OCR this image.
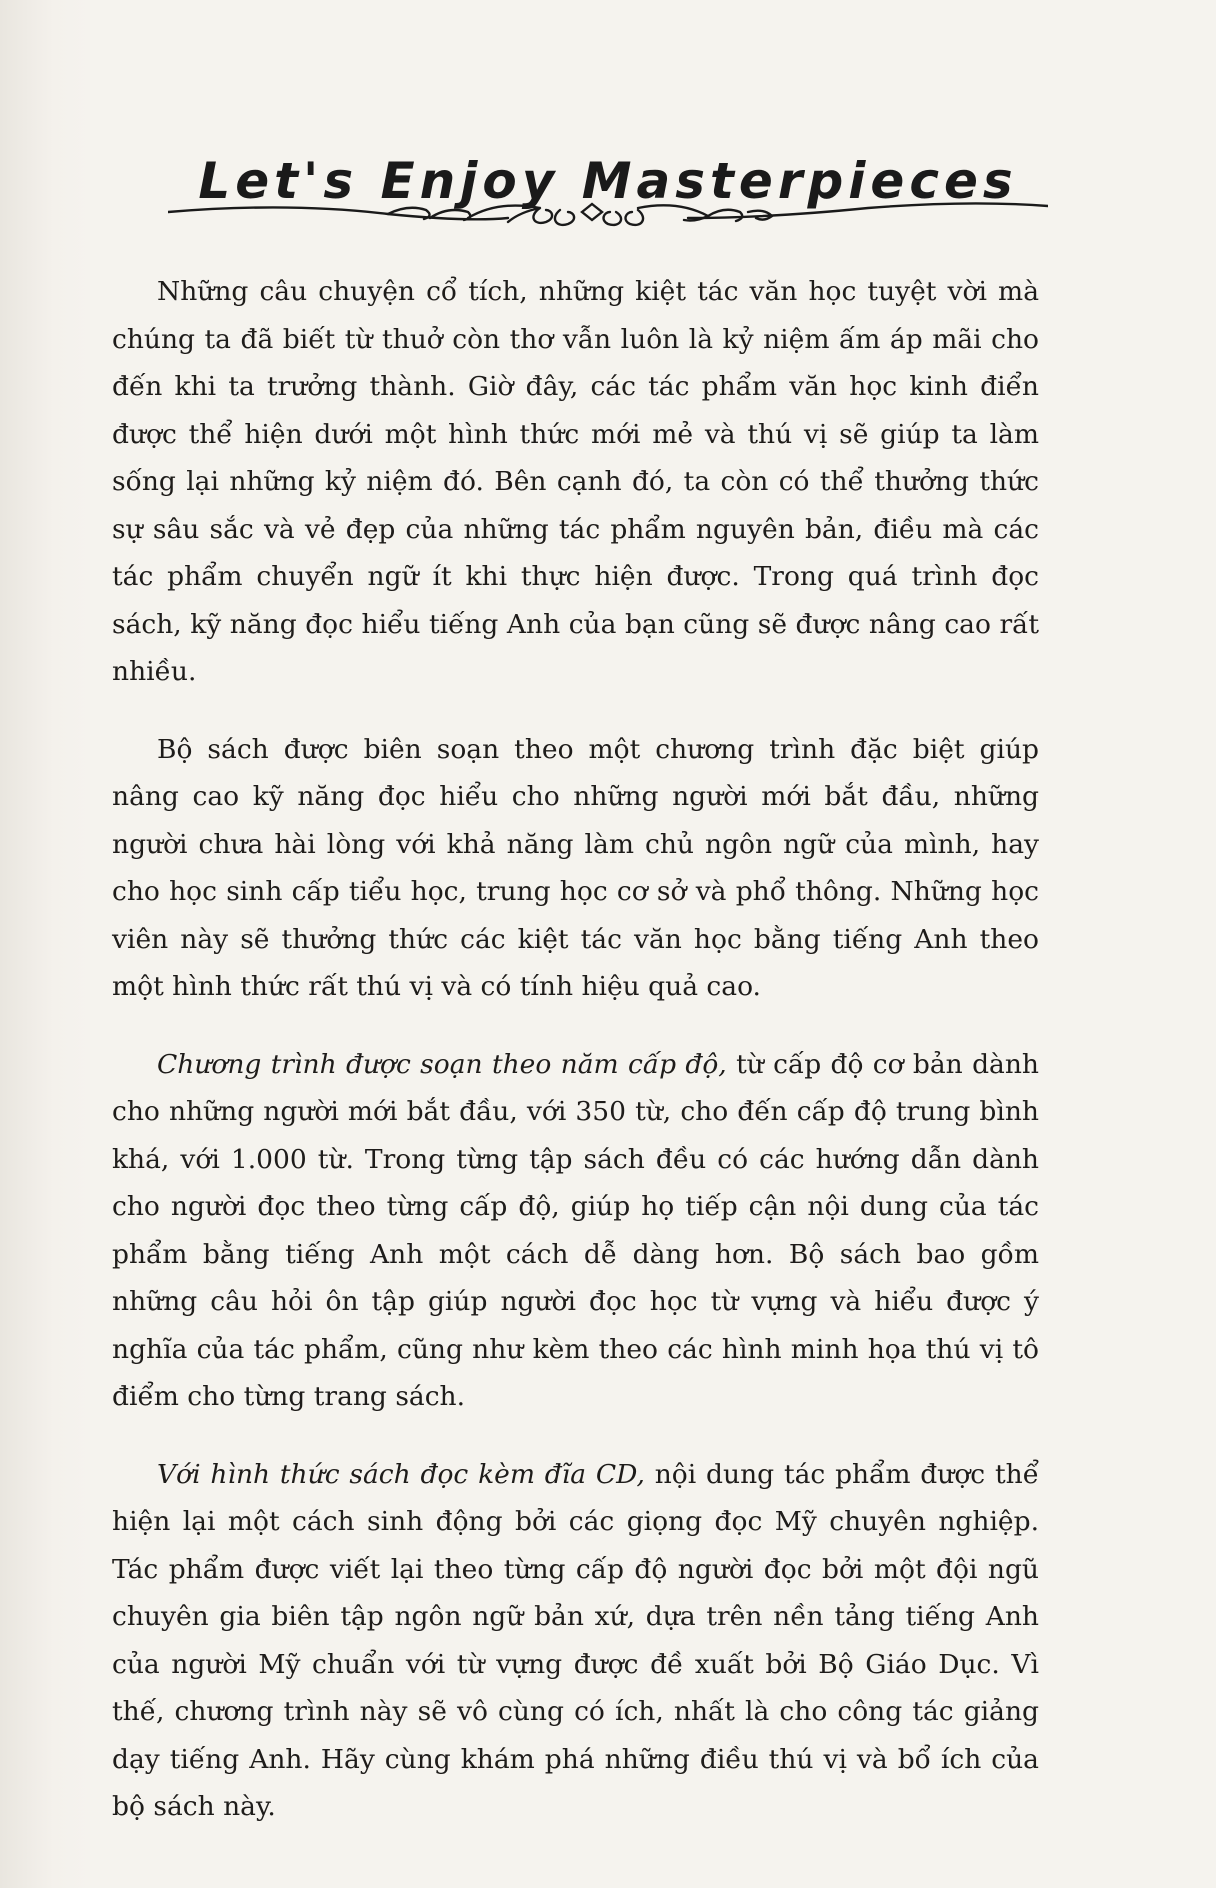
Let's Enjoy Masterpieces

Những câu chuyện cổ tích, những kiệt tác văn học tuyệt vời mà chúng ta đã biết từ thuở còn thơ vẫn luôn là kỷ niệm ấm áp mãi cho đến khi ta trưởng thành. Giờ đây, các tác phẩm văn học kinh điển được thể hiện dưới một hình thức mới mẻ và thú vị sẽ giúp ta làm sống lại những kỷ niệm đó. Bên cạnh đó, ta còn có thể thưởng thức sự sâu sắc và vẻ đẹp của những tác phẩm nguyên bản, điều mà các tác phẩm chuyển ngữ ít khi thực hiện được. Trong quá trình đọc sách, kỹ năng đọc hiểu tiếng Anh của bạn cũng sẽ được nâng cao rất nhiều.

Bộ sách được biên soạn theo một chương trình đặc biệt giúp nâng cao kỹ năng đọc hiểu cho những người mới bắt đầu, những người chưa hài lòng với khả năng làm chủ ngôn ngữ của mình, hay cho học sinh cấp tiểu học, trung học cơ sở và phổ thông. Những học viên này sẽ thưởng thức các kiệt tác văn học bằng tiếng Anh theo một hình thức rất thú vị và có tính hiệu quả cao.

Chương trình được soạn theo năm cấp độ, từ cấp độ cơ bản dành cho những người mới bắt đầu, với 350 từ, cho đến cấp độ trung bình khá, với 1.000 từ. Trong từng tập sách đều có các hướng dẫn dành cho người đọc theo từng cấp độ, giúp họ tiếp cận nội dung của tác phẩm bằng tiếng Anh một cách dễ dàng hơn. Bộ sách bao gồm những câu hỏi ôn tập giúp người đọc học từ vựng và hiểu được ý nghĩa của tác phẩm, cũng như kèm theo các hình minh họa thú vị tô điểm cho từng trang sách.

Với hình thức sách đọc kèm đĩa CD, nội dung tác phẩm được thể hiện lại một cách sinh động bởi các giọng đọc Mỹ chuyên nghiệp. Tác phẩm được viết lại theo từng cấp độ người đọc bởi một đội ngũ chuyên gia biên tập ngôn ngữ bản xứ, dựa trên nền tảng tiếng Anh của người Mỹ chuẩn với từ vựng được đề xuất bởi Bộ Giáo Dục. Vì thế, chương trình này sẽ vô cùng có ích, nhất là cho công tác giảng dạy tiếng Anh. Hãy cùng khám phá những điều thú vị và bổ ích của bộ sách này.
